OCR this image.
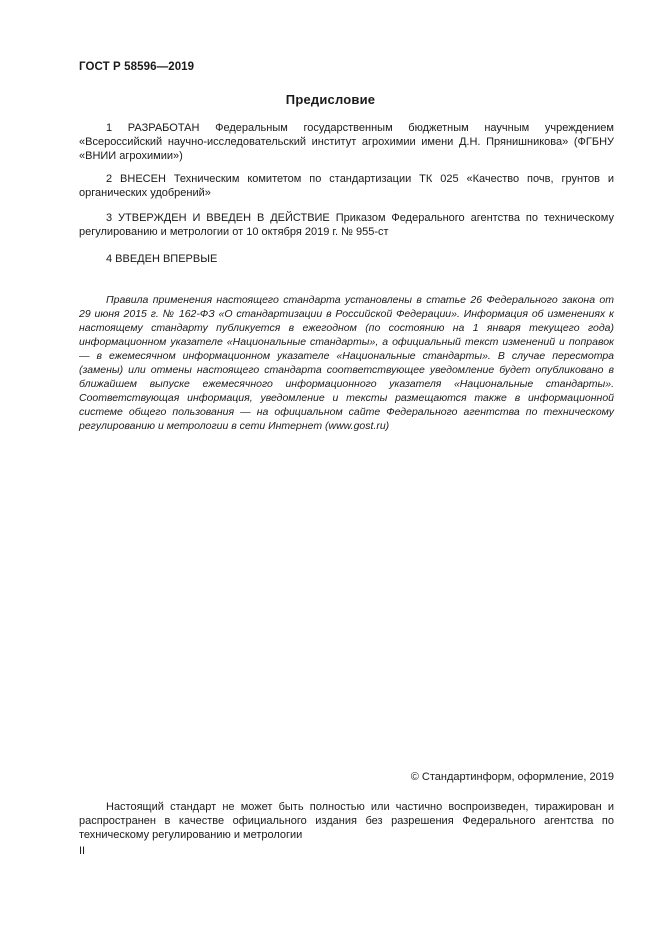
ГОСТ Р 58596—2019
Предисловие

1 РАЗРАБОТАН Федеральным государственным бюджетным научным учреждением «Всероссийский научно-исследовательский институт агрохимии имени Д.Н. Прянишникова» (ФГБНУ «ВНИИ агрохимии»)

2 ВНЕСЕН Техническим комитетом по стандартизации ТК 025 «Качество почв, грунтов и органических удобрений»

3 УТВЕРЖДЕН И ВВЕДЕН В ДЕЙСТВИЕ Приказом Федерального агентства по техническому регулированию и метрологии от 10 октября 2019 г. № 955-ст

4 ВВЕДЕН ВПЕРВЫЕ

Правила применения настоящего стандарта установлены в статье 26 Федерального закона от 29 июня 2015 г. № 162-ФЗ «О стандартизации в Российской Федерации». Информация об изменениях к настоящему стандарту публикуется в ежегодном (по состоянию на 1 января текущего года) информационном указателе «Национальные стандарты», а официальный текст изменений и поправок — в ежемесячном информационном указателе «Национальные стандарты». В случае пересмотра (замены) или отмены настоящего стандарта соответствующее уведомление будет опубликовано в ближайшем выпуске ежемесячного информационного указателя «Национальные стандарты». Соответствующая информация, уведомление и тексты размещаются также в информационной системе общего пользования — на официальном сайте Федерального агентства по техническому регулированию и метрологии в сети Интернет (www.gost.ru)

© Стандартинформ, оформление, 2019

Настоящий стандарт не может быть полностью или частично воспроизведен, тиражирован и распространен в качестве официального издания без разрешения Федерального агентства по техническому регулированию и метрологии

II
